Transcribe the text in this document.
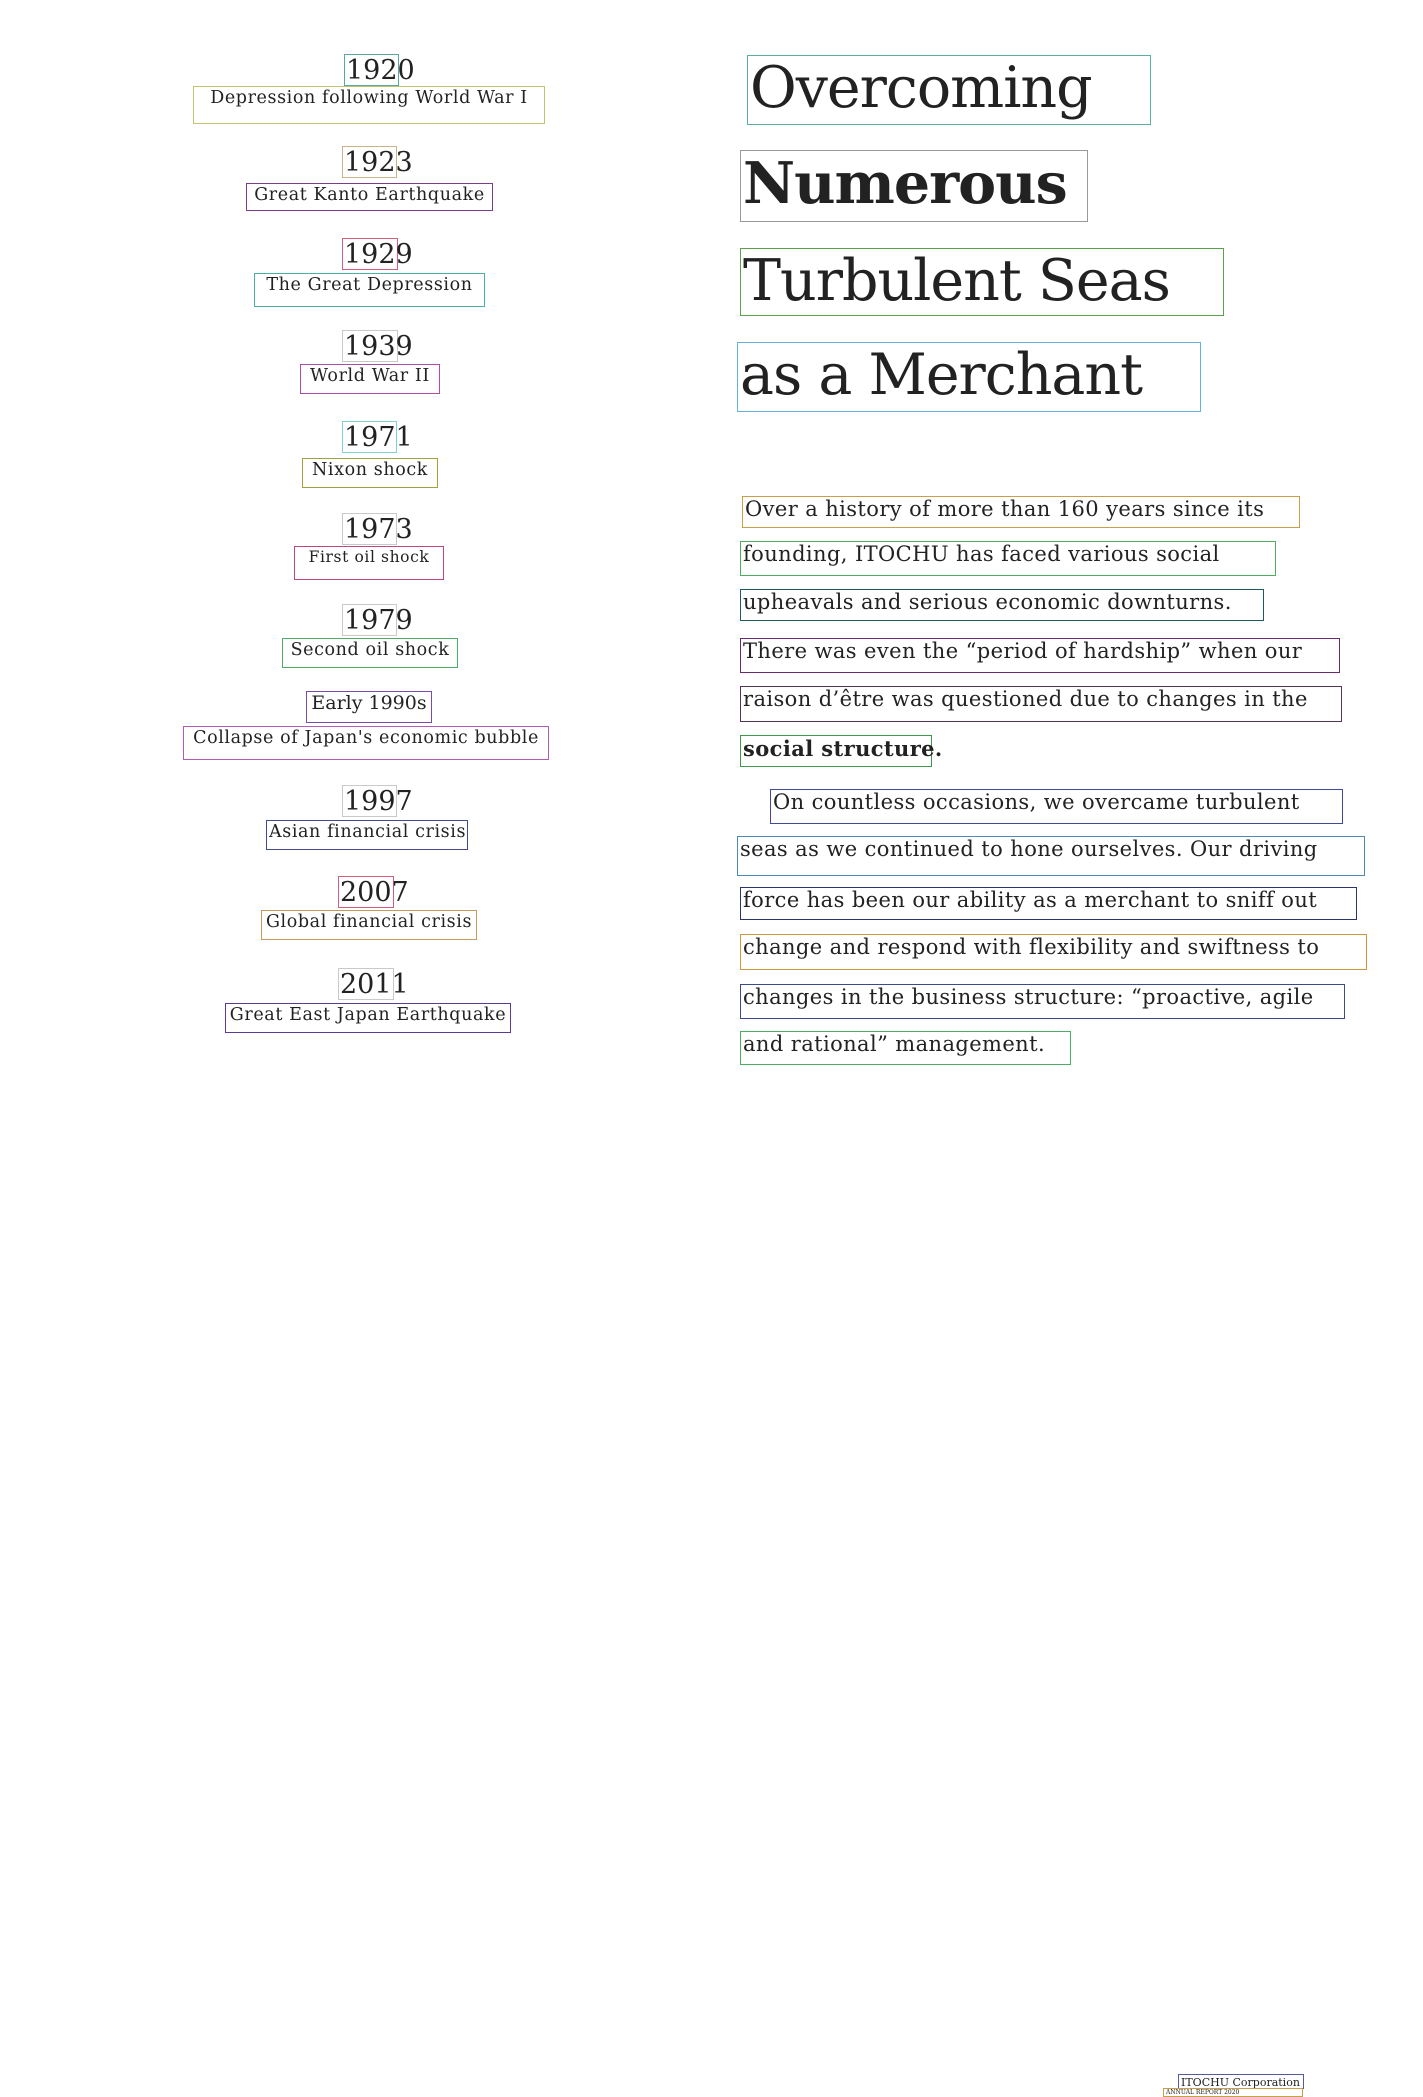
1920
Depression following World War I
1923
Great Kanto Earthquake
1929
The Great Depression
1939
World War II
1971
Nixon shock
1973
First oil shock
1979
Second oil shock
Early 1990s
Collapse of Japan's economic bubble
1997
Asian financial crisis
2007
Global financial crisis
2011
Great East Japan Earthquake
Overcoming
Numerous
Turbulent Seas
as a Merchant
Over a history of more than 160 years since its
founding, ITOCHU has faced various social
upheavals and serious economic downturns.
There was even the “period of hardship” when our
raison d’être was questioned due to changes in the
social structure.
On countless occasions, we overcame turbulent
seas as we continued to hone ourselves. Our driving
force has been our ability as a merchant to sniff out
change and respond with flexibility and swiftness to
changes in the business structure: “proactive, agile
and rational” management.
ITOCHU Corporation
ANNUAL REPORT 2020
